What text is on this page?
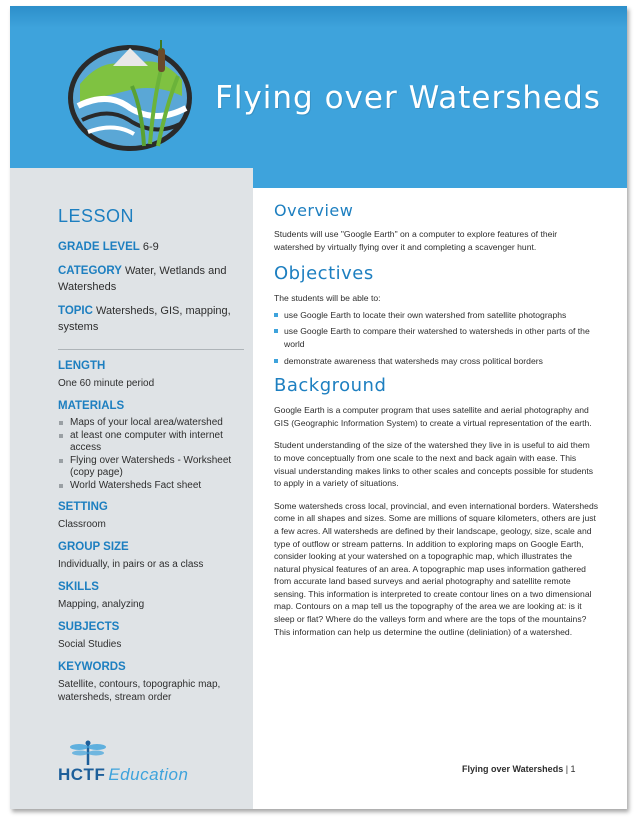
Flying over Watersheds
LESSON
GRADE LEVEL 6-9
CATEGORY Water, Wetlands and Watersheds
TOPIC Watersheds, GIS, mapping, systems
LENGTH
One 60 minute period
MATERIALS
Maps of your local area/watershed
at least one computer with internet access
Flying over Watersheds - Worksheet (copy page)
World Watersheds Fact sheet
SETTING
Classroom
GROUP SIZE
Individually, in pairs or as a class
SKILLS
Mapping, analyzing
SUBJECTS
Social Studies
KEYWORDS
Satellite, contours, topographic map, watersheds, stream order
HCTF Education
Overview
Students will use "Google Earth" on a computer to explore features of their watershed by virtually flying over it and completing a scavenger hunt.
Objectives
The students will be able to:
use Google Earth to locate their own watershed from satellite photographs
use Google Earth to compare their watershed to watersheds in other parts of the world
demonstrate awareness that watersheds may cross political borders
Background
Google Earth is a computer program that uses satellite and aerial photography and GIS (Geographic Information System) to create a virtual representation of the earth.
Student understanding of the size of the watershed they live in is useful to aid them to move conceptually from one scale to the next and back again with ease. This visual understanding makes links to other scales and concepts possible for students to apply in a variety of situations.
Some watersheds cross local, provincial, and even international borders. Watersheds come in all shapes and sizes. Some are millions of square kilometers, others are just a few acres. All watersheds are defined by their landscape, geology, size, scale and type of outflow or stream patterns. In addition to exploring maps on Google Earth, consider looking at your watershed on a topographic map, which illustrates the natural physical features of an area. A topographic map uses information gathered from accurate land based surveys and aerial photography and satellite remote sensing. This information is interpreted to create contour lines on a two dimensional map. Contours on a map tell us the topography of the area we are looking at: is it sleep or flat? Where do the valleys form and where are the tops of the mountains? This information can help us determine the outline (deliniation) of a watershed.
Flying over Watersheds | 1
